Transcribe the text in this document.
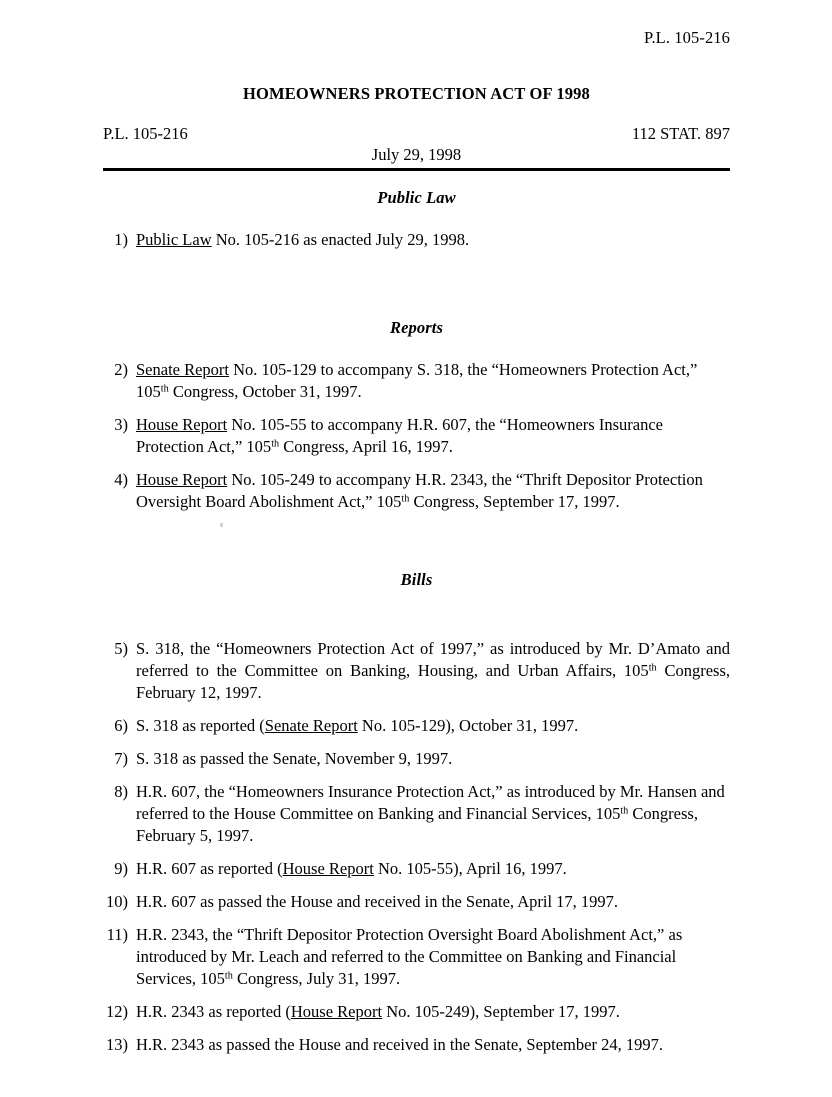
P.L. 105-216
HOMEOWNERS PROTECTION ACT OF 1998
P.L. 105-216	112 STAT. 897
July 29, 1998
Public Law
1) Public Law No. 105-216 as enacted July 29, 1998.
Reports
2) Senate Report No. 105-129 to accompany S. 318, the “Homeowners Protection Act,” 105th Congress, October 31, 1997.
3) House Report No. 105-55 to accompany H.R. 607, the “Homeowners Insurance Protection Act,” 105th Congress, April 16, 1997.
4) House Report No. 105-249 to accompany H.R. 2343, the “Thrift Depositor Protection Oversight Board Abolishment Act,” 105th Congress, September 17, 1997.
Bills
5) S. 318, the “Homeowners Protection Act of 1997,” as introduced by Mr. D’Amato and referred to the Committee on Banking, Housing, and Urban Affairs, 105th Congress, February 12, 1997.
6) S. 318 as reported (Senate Report No. 105-129), October 31, 1997.
7) S. 318 as passed the Senate, November 9, 1997.
8) H.R. 607, the “Homeowners Insurance Protection Act,” as introduced by Mr. Hansen and referred to the House Committee on Banking and Financial Services, 105th Congress, February 5, 1997.
9) H.R. 607 as reported (House Report No. 105-55), April 16, 1997.
10) H.R. 607 as passed the House and received in the Senate, April 17, 1997.
11) H.R. 2343, the “Thrift Depositor Protection Oversight Board Abolishment Act,” as introduced by Mr. Leach and referred to the Committee on Banking and Financial Services, 105th Congress, July 31, 1997.
12) H.R. 2343 as reported (House Report No. 105-249), September 17, 1997.
13) H.R. 2343 as passed the House and received in the Senate, September 24, 1997.
